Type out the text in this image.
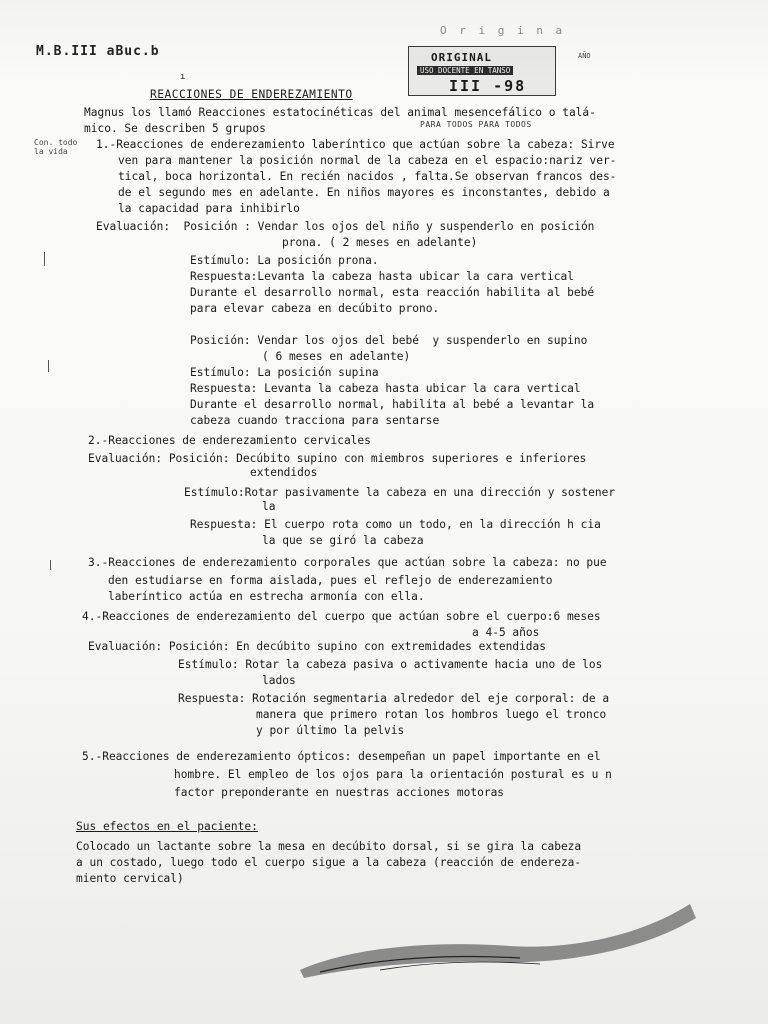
O r i g i n a
M.B.III aBuc.b	ORIGINAL
USO DOCENTE EN TANSO
III -98
AÑO
PARA TODOS PARA TODOS
Con. todo la vida
REACCIONES DE ENDEREZAMIENTO
ı
Magnus los llamó Reacciones estatocinéticas del animal mesencefálico o talá-
mico. Se describen 5 grupos
1.-Reacciones de enderezamiento laberíntico que actúan sobre la cabeza: Sirve
ven para mantener la posición normal de la cabeza en el espacio:nariz ver-
tical, boca horizontal. En recién nacidos , falta.Se observan francos des-
de el segundo mes en adelante. En niños mayores es inconstantes, debido a
la capacidad para inhibirlo
Evaluación:  Posición : Vendar los ojos del niño y suspenderlo en posición
prona. ( 2 meses en adelante)
Estímulo: La posición prona.
Respuesta:Levanta la cabeza hasta ubicar la cara vertical
Durante el desarrollo normal, esta reacción habilita al bebé
para elevar cabeza en decúbito prono.
Posición: Vendar los ojos del bebé  y suspenderlo en supino
( 6 meses en adelante)
Estímulo: La posición supina
Respuesta: Levanta la cabeza hasta ubicar la cara vertical
Durante el desarrollo normal, habilita al bebé a levantar la
cabeza cuando tracciona para sentarse
2.-Reacciones de enderezamiento cervicales
Evaluación: Posición: Decúbito supino con miembros superiores e inferiores
extendidos
Estímulo:Rotar pasivamente la cabeza en una dirección y sostener
la
Respuesta: El cuerpo rota como un todo, en la dirección h cia
la que se giró la cabeza
3.-Reacciones de enderezamiento corporales que actúan sobre la cabeza: no pue
den estudiarse en forma aislada, pues el reflejo de enderezamiento
laberíntico actúa en estrecha armonía con ella.
4.-Reacciones de enderezamiento del cuerpo que actúan sobre el cuerpo:6 meses
a 4-5 años
Evaluación: Posición: En decúbito supino con extremidades extendidas
Estímulo: Rotar la cabeza pasiva o activamente hacia uno de los
lados
Respuesta: Rotación segmentaria alrededor del eje corporal: de a
manera que primero rotan los hombros luego el tronco
y por último la pelvis
5.-Reacciones de enderezamiento ópticos: desempeñan un papel importante en el
hombre. El empleo de los ojos para la orientación postural es u n
factor preponderante en nuestras acciones motoras
Colocado un lactante sobre la mesa en decúbito dorsal, si se gira la cabeza
a un costado, luego todo el cuerpo sigue a la cabeza (reacción de endereza-
miento cervical)
Sus efectos en el paciente:
